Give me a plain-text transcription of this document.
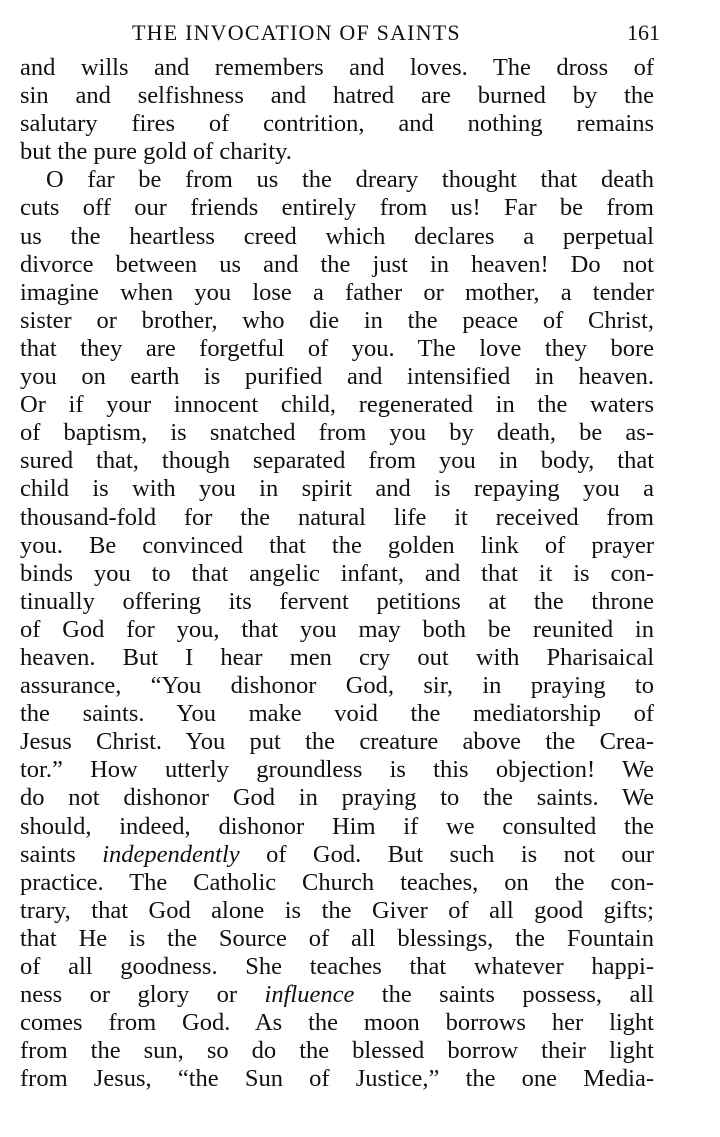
THE INVOCATION OF SAINTS	161
and wills and remembers and loves. The dross of
sin and selfishness and hatred are burned by the
salutary fires of contrition, and nothing remains
but the pure gold of charity.
O far be from us the dreary thought that death
cuts off our friends entirely from us! Far be from
us the heartless creed which declares a perpetual
divorce between us and the just in heaven! Do not
imagine when you lose a father or mother, a tender
sister or brother, who die in the peace of Christ,
that they are forgetful of you. The love they bore
you on earth is purified and intensified in heaven.
Or if your innocent child, regenerated in the waters
of baptism, is snatched from you by death, be as-
sured that, though separated from you in body, that
child is with you in spirit and is repaying you a
thousand-fold for the natural life it received from
you. Be convinced that the golden link of prayer
binds you to that angelic infant, and that it is con-
tinually offering its fervent petitions at the throne
of God for you, that you may both be reunited in
heaven. But I hear men cry out with Pharisaical
assurance, “You dishonor God, sir, in praying to
the saints. You make void the mediatorship of
Jesus Christ. You put the creature above the Crea-
tor.” How utterly groundless is this objection! We
do not dishonor God in praying to the saints. We
should, indeed, dishonor Him if we consulted the
saints independently of God. But such is not our
practice. The Catholic Church teaches, on the con-
trary, that God alone is the Giver of all good gifts;
that He is the Source of all blessings, the Fountain
of all goodness. She teaches that whatever happi-
ness or glory or influence the saints possess, all
comes from God. As the moon borrows her light
from the sun, so do the blessed borrow their light
from Jesus, “the Sun of Justice,” the one Media-
